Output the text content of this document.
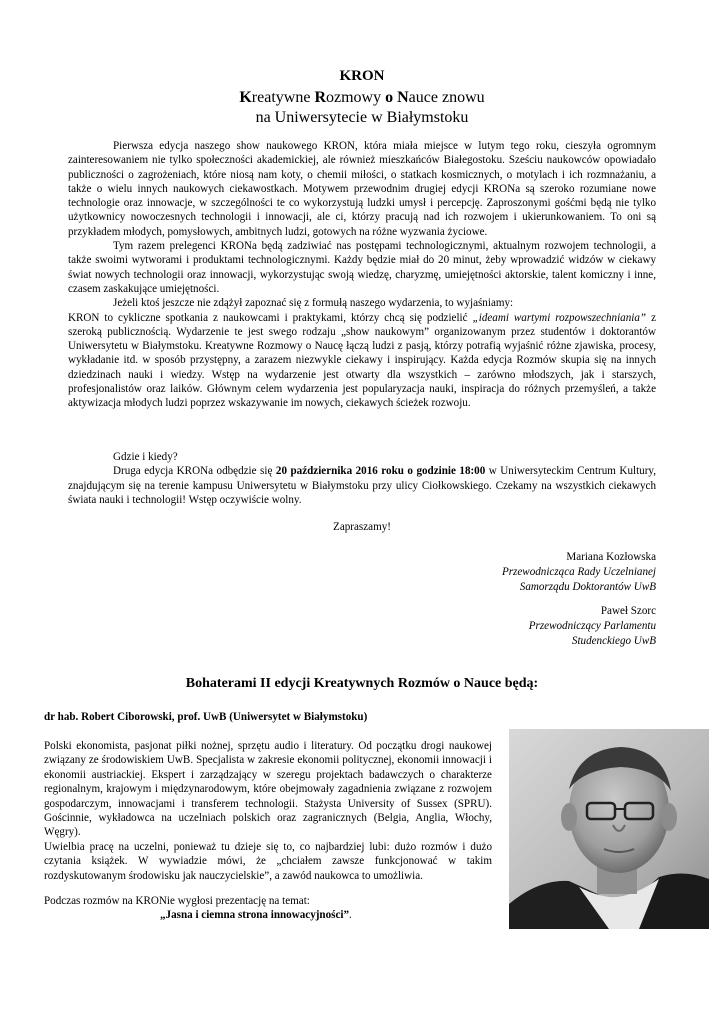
KRON
Kreatywne Rozmowy o Nauce znowu
na Uniwersytecie w Białymstoku

Pierwsza edycja naszego show naukowego KRON, która miała miejsce w lutym tego roku, cieszyła ogromnym zainteresowaniem nie tylko społeczności akademickiej, ale również mieszkańców Białegostoku. Sześciu naukowców opowiadało publiczności o zagrożeniach, które niosą nam koty, o chemii miłości, o statkach kosmicznych, o motylach i ich rozmnażaniu, a także o wielu innych naukowych ciekawostkach. Motywem przewodnim drugiej edycji KRONa są szeroko rozumiane nowe technologie oraz innowacje, w szczególności te co wykorzystują ludzki umysł i percepcję. Zaproszonymi gośćmi będą nie tylko użytkownicy nowoczesnych technologii i innowacji, ale ci, którzy pracują nad ich rozwojem i ukierunkowaniem. To oni są przykładem młodych, pomysłowych, ambitnych ludzi, gotowych na różne wyzwania życiowe.

Tym razem prelegenci KRONa będą zadziwiać nas postępami technologicznymi, aktualnym rozwojem technologii, a także swoimi wytworami i produktami technologicznymi. Każdy będzie miał do 20 minut, żeby wprowadzić widzów w ciekawy świat nowych technologii oraz innowacji, wykorzystując swoją wiedzę, charyzmę, umiejętności aktorskie, talent komiczny i inne, czasem zaskakujące umiejętności.

Jeżeli ktoś jeszcze nie zdążył zapoznać się z formułą naszego wydarzenia, to wyjaśniamy:

KRON to cykliczne spotkania z naukowcami i praktykami, którzy chcą się podzielić „ideami wartymi rozpowszechniania” z szeroką publicznością. Wydarzenie te jest swego rodzaju „show naukowym” organizowanym przez studentów i doktorantów Uniwersytetu w Białymstoku. Kreatywne Rozmowy o Naucę łączą ludzi z pasją, którzy potrafią wyjaśnić różne zjawiska, procesy, wykładanie itd. w sposób przystępny, a zarazem niezwykle ciekawy i inspirujący. Każda edycja Rozmów skupia się na innych dziedzinach nauki i wiedzy. Wstęp na wydarzenie jest otwarty dla wszystkich – zarówno młodszych, jak i starszych, profesjonalistów oraz laików. Głównym celem wydarzenia jest popularyzacja nauki, inspiracja do różnych przemyśleń, a także aktywizacja młodych ludzi poprzez wskazywanie im nowych, ciekawych ścieżek rozwoju.

Gdzie i kiedy?

Druga edycja KRONa odbędzie się 20 października 2016 roku o godzinie 18:00 w Uniwersyteckim Centrum Kultury, znajdującym się na terenie kampusu Uniwersytetu w Białymstoku przy ulicy Ciołkowskiego. Czekamy na wszystkich ciekawych świata nauki i technologii! Wstęp oczywiście wolny.

Zapraszamy!
Mariana Kozłowska
Przewodnicząca Rady Uczelnianej
Samorządu Doktorantów UwB
Paweł Szorc
Przewodniczący Parlamentu
Studenckiego UwB
Bohaterami II edycji Kreatywnych Rozmów o Nauce będą:
dr hab. Robert Ciborowski, prof. UwB (Uniwersytet w Białymstoku)

Polski ekonomista, pasjonat piłki nożnej, sprzętu audio i literatury. Od początku drogi naukowej związany ze środowiskiem UwB. Specjalista w zakresie ekonomii politycznej, ekonomii innowacji i ekonomii austriackiej. Ekspert i zarządzający w szeregu projektach badawczych o charakterze regionalnym, krajowym i międzynarodowym, które obejmowały zagadnienia związane z rozwojem gospodarczym, innowacjami i transferem technologii. Stażysta University of Sussex (SPRU). Gościnnie, wykładowca na uczelniach polskich oraz zagranicznych (Belgia, Anglia, Włochy, Węgry).

Uwielbia pracę na uczelni, ponieważ tu dzieje się to, co najbardziej lubi: dużo rozmów i dużo czytania książek. W wywiadzie mówi, że „chciałem zawsze funkcjonować w takim rozdyskutowanym środowisku jak nauczycielskie”, a zawód naukowca to umożliwia.

Podczas rozmów na KRONie wygłosi prezentację na temat:
„Jasna i ciemna strona innowacyjności”.
